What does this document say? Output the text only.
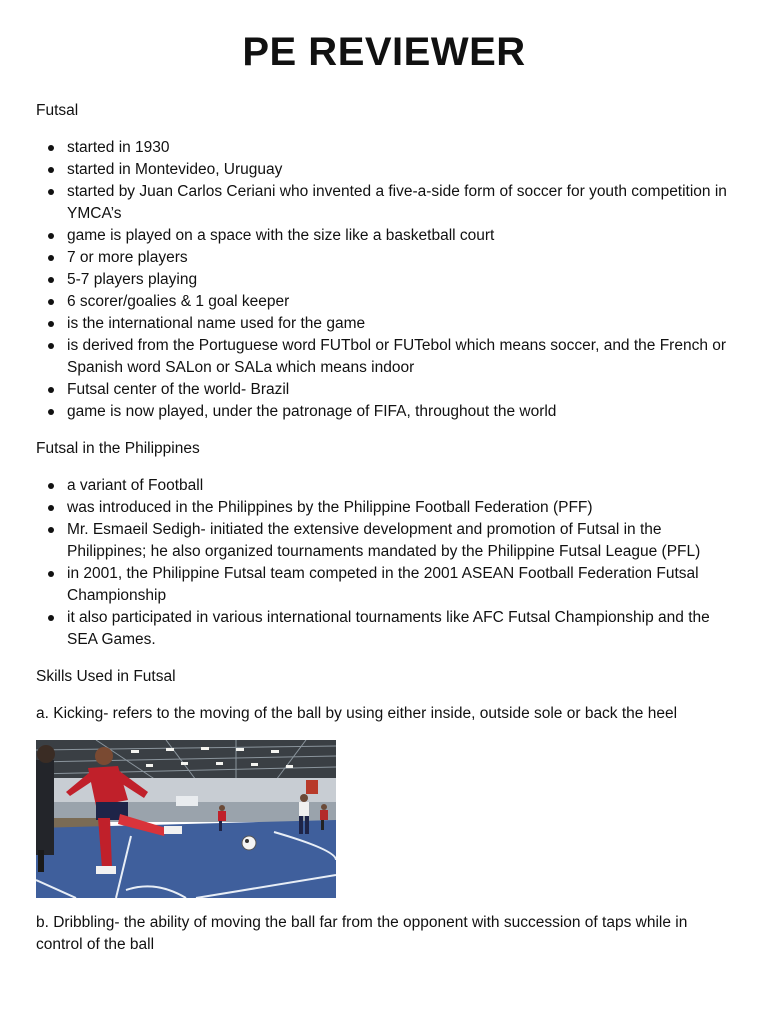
PE REVIEWER

Futsal

started in 1930
started in Montevideo, Uruguay
started by Juan Carlos Ceriani who invented a five-a-side form of soccer for youth competition in YMCA’s
game is played on a space with the size like a basketball court
7 or more players
5-7 players playing
6 scorer/goalies & 1 goal keeper
is the international name used for the game
is derived from the Portuguese word FUTbol or FUTebol which means soccer, and the French or Spanish word SALon or SALa which means indoor
Futsal center of the world- Brazil
game is now played, under the patronage of FIFA, throughout the world

Futsal in the Philippines

a variant of Football
was introduced in the Philippines by the Philippine Football Federation (PFF)
Mr. Esmaeil Sedigh- initiated the extensive development and promotion of Futsal in the Philippines; he also organized tournaments mandated by the Philippine Futsal League (PFL)
in 2001, the Philippine Futsal team competed in the 2001 ASEAN Football Federation Futsal Championship
it also participated in various international tournaments like AFC Futsal Championship and the SEA Games.

Skills Used in Futsal

a. Kicking- refers to the moving of the ball by using either inside, outside sole or back the heel

b. Dribbling- the ability of moving the ball far from the opponent with succession of taps while in control of the ball
